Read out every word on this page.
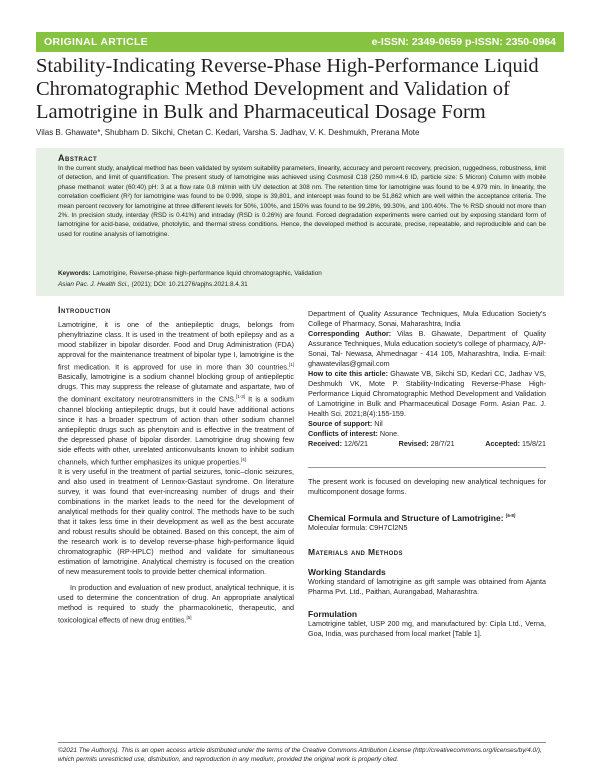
ORIGINAL ARTICLE	e-ISSN: 2349-0659 p-ISSN: 2350-0964
Stability-Indicating Reverse-Phase High-Performance Liquid Chromatographic Method Development and Validation of Lamotrigine in Bulk and Pharmaceutical Dosage Form
Vilas B. Ghawate*, Shubham D. Sikchi, Chetan C. Kedari, Varsha S. Jadhav, V. K. Deshmukh, Prerana Mote
Abstract
In the current study, analytical method has been validated by system suitability parameters, linearity, accuracy and percent recovery, precision, ruggedness, robustness, limit of detection, and limit of quantification. The present study of lamotrigine was achieved using Cosmosil C18 (250 mm×4.6 ID, particle size: 5 Micron) Column with mobile phase methanol: water (60:40) pH: 3 at a flow rate 0.8 ml/min with UV detection at 308 nm. The retention time for lamotrigine was found to be 4.979 min. In linearity, the correlation coefficient (R²) for lamotrigine was found to be 0.999, slope is 39,801, and intercept was found to be 51,862 which are well within the acceptance criteria. The mean percent recovery for lamotrigine at three different levels for 50%, 100%, and 150% was found to be 99.28%, 99.30%, and 100.40%. The % RSD should not more than 2%. In precision study, interday (RSD is 0.41%) and intraday (RSD is 0.26%) are found. Forced degradation experiments were carried out by exposing standard form of lamotrigine for acid-base, oxidative, photolytic, and thermal stress conditions. Hence, the developed method is accurate, precise, repeatable, and reproducible and can be used for routine analysis of lamotrigine.
Keywords: Lamotrigine, Reverse-phase high-performance liquid chromatographic, Validation
Asian Pac. J. Health Sci., (2021); DOI: 10.21276/apjhs.2021.8.4.31
Introduction

Lamotrigine, it is one of the antiepileptic drugs, belongs from phenyltriazine class. It is used in the treatment of both epilepsy and as a mood stabilizer in bipolar disorder. Food and Drug Administration (FDA) approval for the maintenance treatment of bipolar type I, lamotrigine is the first medication. It is approved for use in more than 30 countries.[1] Basically, lamotrigine is a sodium channel blocking group of antiepileptic drugs. This may suppress the release of glutamate and aspartate, two of the dominant excitatory neurotransmitters in the CNS.[1-3] It is a sodium channel blocking antiepileptic drugs, but it could have additional actions since it has a broader spectrum of action than other sodium channel antiepileptic drugs such as phenytoin and is effective in the treatment of the depressed phase of bipolar disorder. Lamotrigine drug showing few side effects with other, unrelated anticonvulsants known to inhibit sodium channels, which further emphasizes its unique properties.[4]

It is very useful in the treatment of partial seizures, tonic–clonic seizures, and also used in treatment of Lennox-Gastaut syndrome. On literature survey, it was found that ever-increasing number of drugs and their combinations in the market leads to the need for the development of analytical methods for their quality control. The methods have to be such that it takes less time in their development as well as the best accurate and robust results should be obtained. Based on this concept, the aim of the research work is to develop reverse-phase high-performance liquid chromatographic (RP-HPLC) method and validate for simultaneous estimation of lamotrigine. Analytical chemistry is focused on the creation of new measurement tools to provide better chemical information.

In production and evaluation of new product, analytical technique, it is used to determine the concentration of drug. An appropriate analytical method is required to study the pharmacokinetic, therapeutic, and toxicological effects of new drug entities.[5]

Department of Quality Assurance Techniques, Mula Education Society's College of Pharmacy, Sonai, Maharashtra, India

Corresponding Author: Vilas B. Ghawate, Department of Quality Assurance Techniques, Mula education society's college of pharmacy, A/P- Sonai, Tal- Newasa, Ahmednagar - 414 105, Maharashtra, India. E-mail: ghawatevilas@gmail.com

How to cite this article: Ghawate VB, Sikchi SD, Kedari CC, Jadhav VS, Deshmukh VK, Mote P. Stability-Indicating Reverse-Phase High-Performance Liquid Chromatographic Method Development and Validation of Lamotrigine in Bulk and Pharmaceutical Dosage Form. Asian Pac. J. Health Sci. 2021;8(4):155-159.

Source of support: Nil

Conflicts of interest: None.

Received: 12/6/21	Revised: 28/7/21	Accepted: 15/8/21

The present work is focused on developing new analytical techniques for multicomponent dosage forms.

Chemical Formula and Structure of Lamotrigine: [6-8]

Molecular formula: C9H7Cl2N5

Materials and Methods

Working Standards

Working standard of lamotrigine as gift sample was obtained from Ajanta Pharma Pvt. Ltd., Paithan, Aurangabad, Maharashtra.

Formulation

Lamotrigine tablet, USP 200 mg, and manufactured by: Cipla Ltd., Verna, Goa, India, was purchased from local market [Table 1].

©2021 The Author(s). This is an open access article distributed under the terms of the Creative Commons Attribution License (http://creativecommons.org/licenses/by/4.0/), which permits unrestricted use, distribution, and reproduction in any medium, provided the original work is properly cited.
